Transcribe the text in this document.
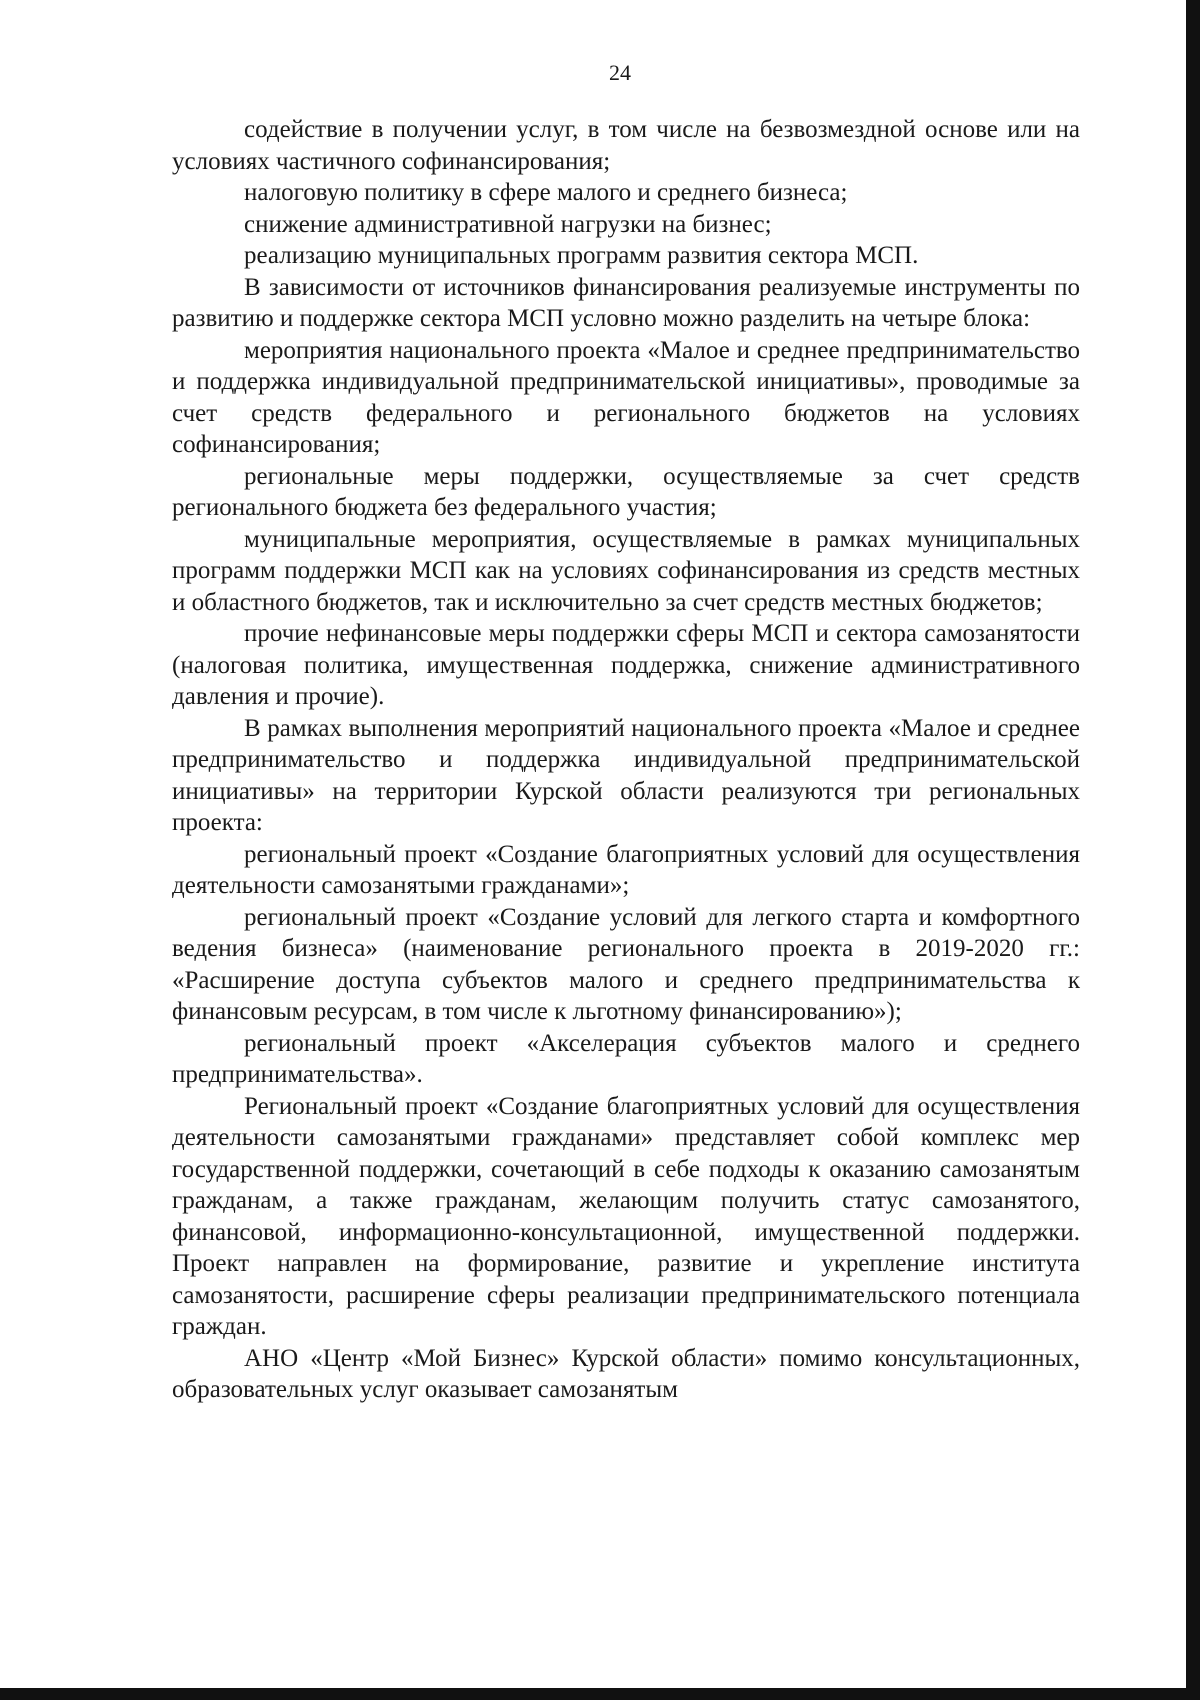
24

содействие в получении услуг, в том числе на безвозмездной основе или на условиях частичного софинансирования;

налоговую политику в сфере малого и среднего бизнеса;

снижение административной нагрузки на бизнес;

реализацию муниципальных программ развития сектора МСП.

В зависимости от источников финансирования реализуемые инструменты по развитию и поддержке сектора МСП условно можно разделить на четыре блока:

мероприятия национального проекта «Малое и среднее предпринимательство и поддержка индивидуальной предпринимательской инициативы», проводимые за счет средств федерального и регионального бюджетов на условиях софинансирования;

региональные меры поддержки, осуществляемые за счет средств регионального бюджета без федерального участия;

муниципальные мероприятия, осуществляемые в рамках муниципальных программ поддержки МСП как на условиях софинансирования из средств местных и областного бюджетов, так и исключительно за счет средств местных бюджетов;

прочие нефинансовые меры поддержки сферы МСП и сектора самозанятости (налоговая политика, имущественная поддержка, снижение административного давления и прочие).

В рамках выполнения мероприятий национального проекта «Малое и среднее предпринимательство и поддержка индивидуальной предпринимательской инициативы» на территории Курской области реализуются три региональных проекта:

региональный проект «Создание благоприятных условий для осуществления деятельности самозанятыми гражданами»;

региональный проект «Создание условий для легкого старта и комфортного ведения бизнеса» (наименование регионального проекта в 2019-2020 гг.: «Расширение доступа субъектов малого и среднего предпринимательства к финансовым ресурсам, в том числе к льготному финансированию»);

региональный проект «Акселерация субъектов малого и среднего предпринимательства».

Региональный проект «Создание благоприятных условий для осуществления деятельности самозанятыми гражданами» представляет собой комплекс мер государственной поддержки, сочетающий в себе подходы к оказанию самозанятым гражданам, а также гражданам, желающим получить статус самозанятого, финансовой, информационно-консультационной, имущественной поддержки. Проект направлен на формирование, развитие и укрепление института самозанятости, расширение сферы реализации предпринимательского потенциала граждан.

АНО «Центр «Мой Бизнес» Курской области» помимо консультационных, образовательных услуг оказывает самозанятым
